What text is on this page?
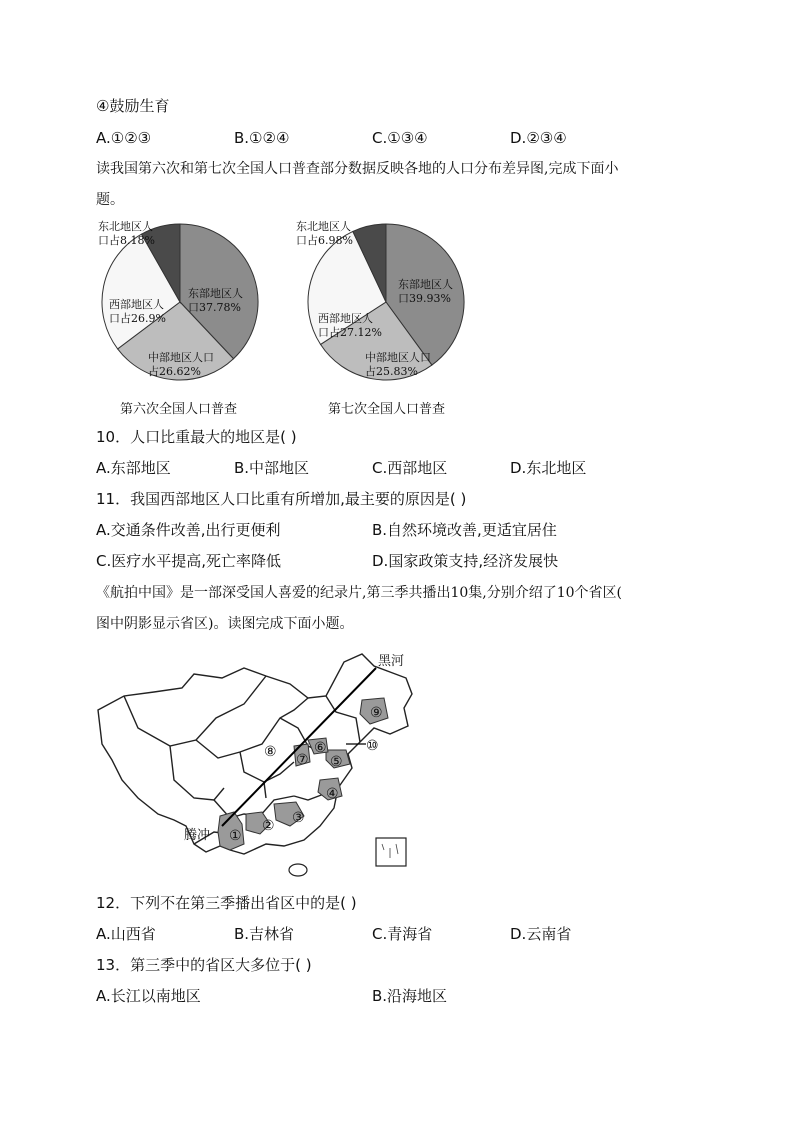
④鼓励生育
A.①②③	B.①②④	C.①③④	D.②③④
读我国第六次和第七次全国人口普查部分数据反映各地的人口分布差异图,完成下面小
题。
东北地区人
口占8.18%
东部地区人
口37.78%
西部地区人
口占26.9%
中部地区人口
占26.62%
东北地区人
口占6.98%
东部地区人
口39.93%
西部地区人
口占27.12%
中部地区人口
占25.83%
第六次全国人口普查	第七次全国人口普查
10．人口比重最大的地区是( )
A.东部地区	B.中部地区	C.西部地区	D.东北地区
11．我国西部地区人口比重有所增加,最主要的原因是( )
A.交通条件改善,出行更便利	B.自然环境改善,更适宜居住
C.医疗水平提高,死亡率降低	D.国家政策支持,经济发展快
《航拍中国》是一部深受国人喜爱的纪录片,第三季共播出10集,分别介绍了10个省区(
图中阴影显示省区)。读图完成下面小题。
黑河
腾冲 ①
② ③
④
⑤
⑥
⑦
⑧
⑨
⑩
12．下列不在第三季播出省区中的是( )
A.山西省	B.吉林省	C.青海省	D.云南省
13．第三季中的省区大多位于( )
A.长江以南地区	B.沿海地区
